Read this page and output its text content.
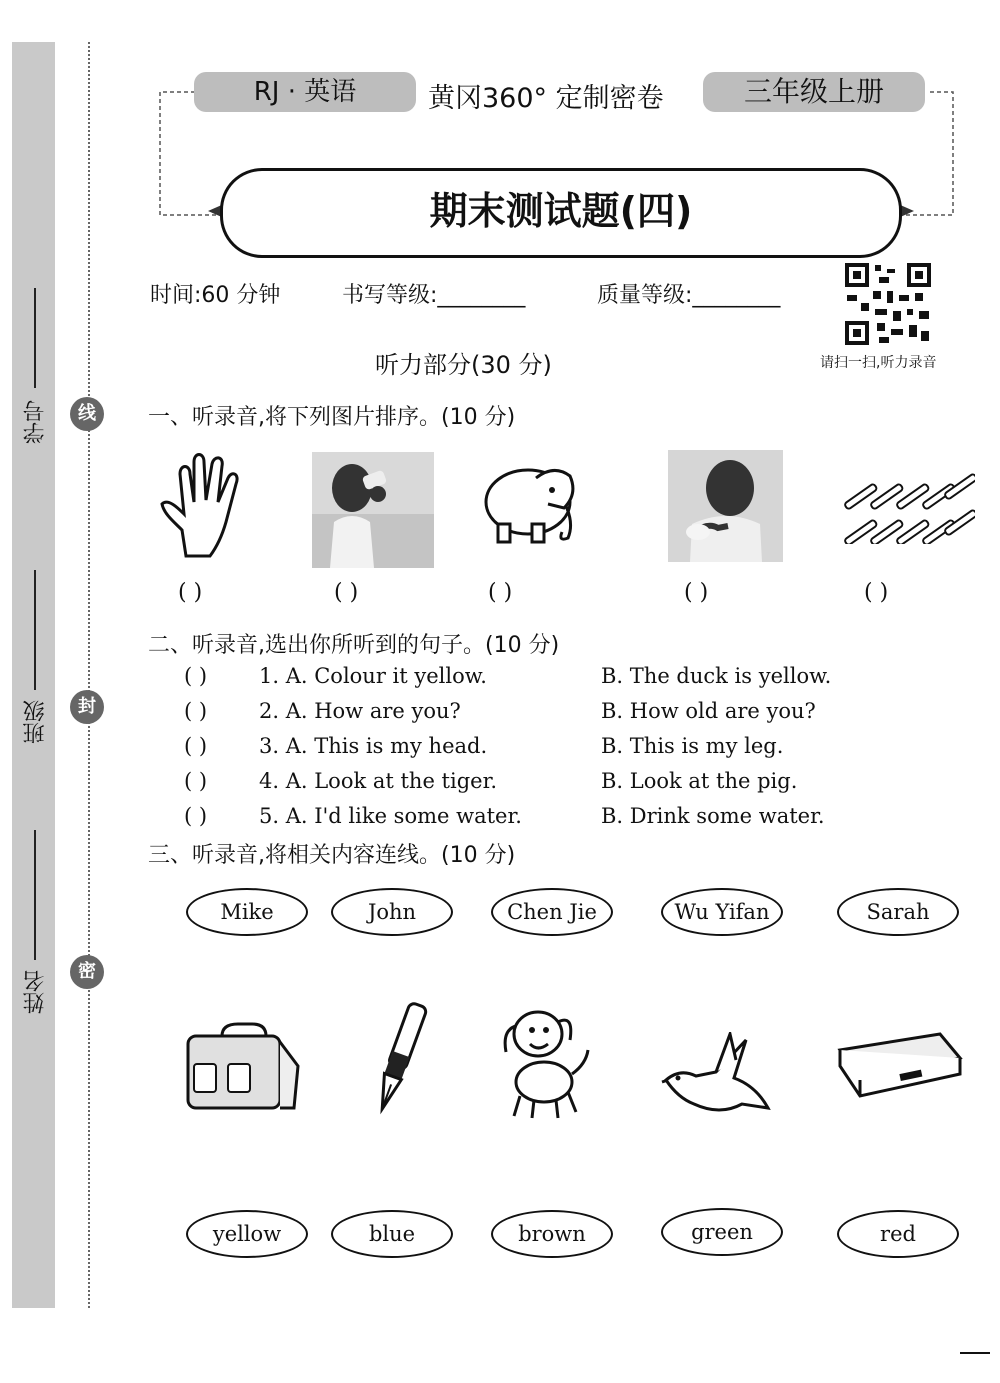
学号
班级
姓名
线
封
密
RJ · 英语	黄冈360° 定制密卷	三年级上册
期末测试题(四)
时间:60 分钟	书写等级:________	质量等级:________
请扫一扫,听力录音
听力部分(30 分)
一、听录音,将下列图片排序。(10 分)
( )	( )	( )	( )	( )
二、听录音,选出你所听到的句子。(10 分)
( ) 1. A. Colour it yellow.	B. The duck is yellow.
( ) 2. A. How are you?	B. How old are you?
( ) 3. A. This is my head.	B. This is my leg.
( ) 4. A. Look at the tiger.	B. Look at the pig.
( ) 5. A. I'd like some water.	B. Drink some water.
三、听录音,将相关内容连线。(10 分)
Mike	John	Chen Jie	Wu Yifan	Sarah
yellow	blue	brown	green	red
